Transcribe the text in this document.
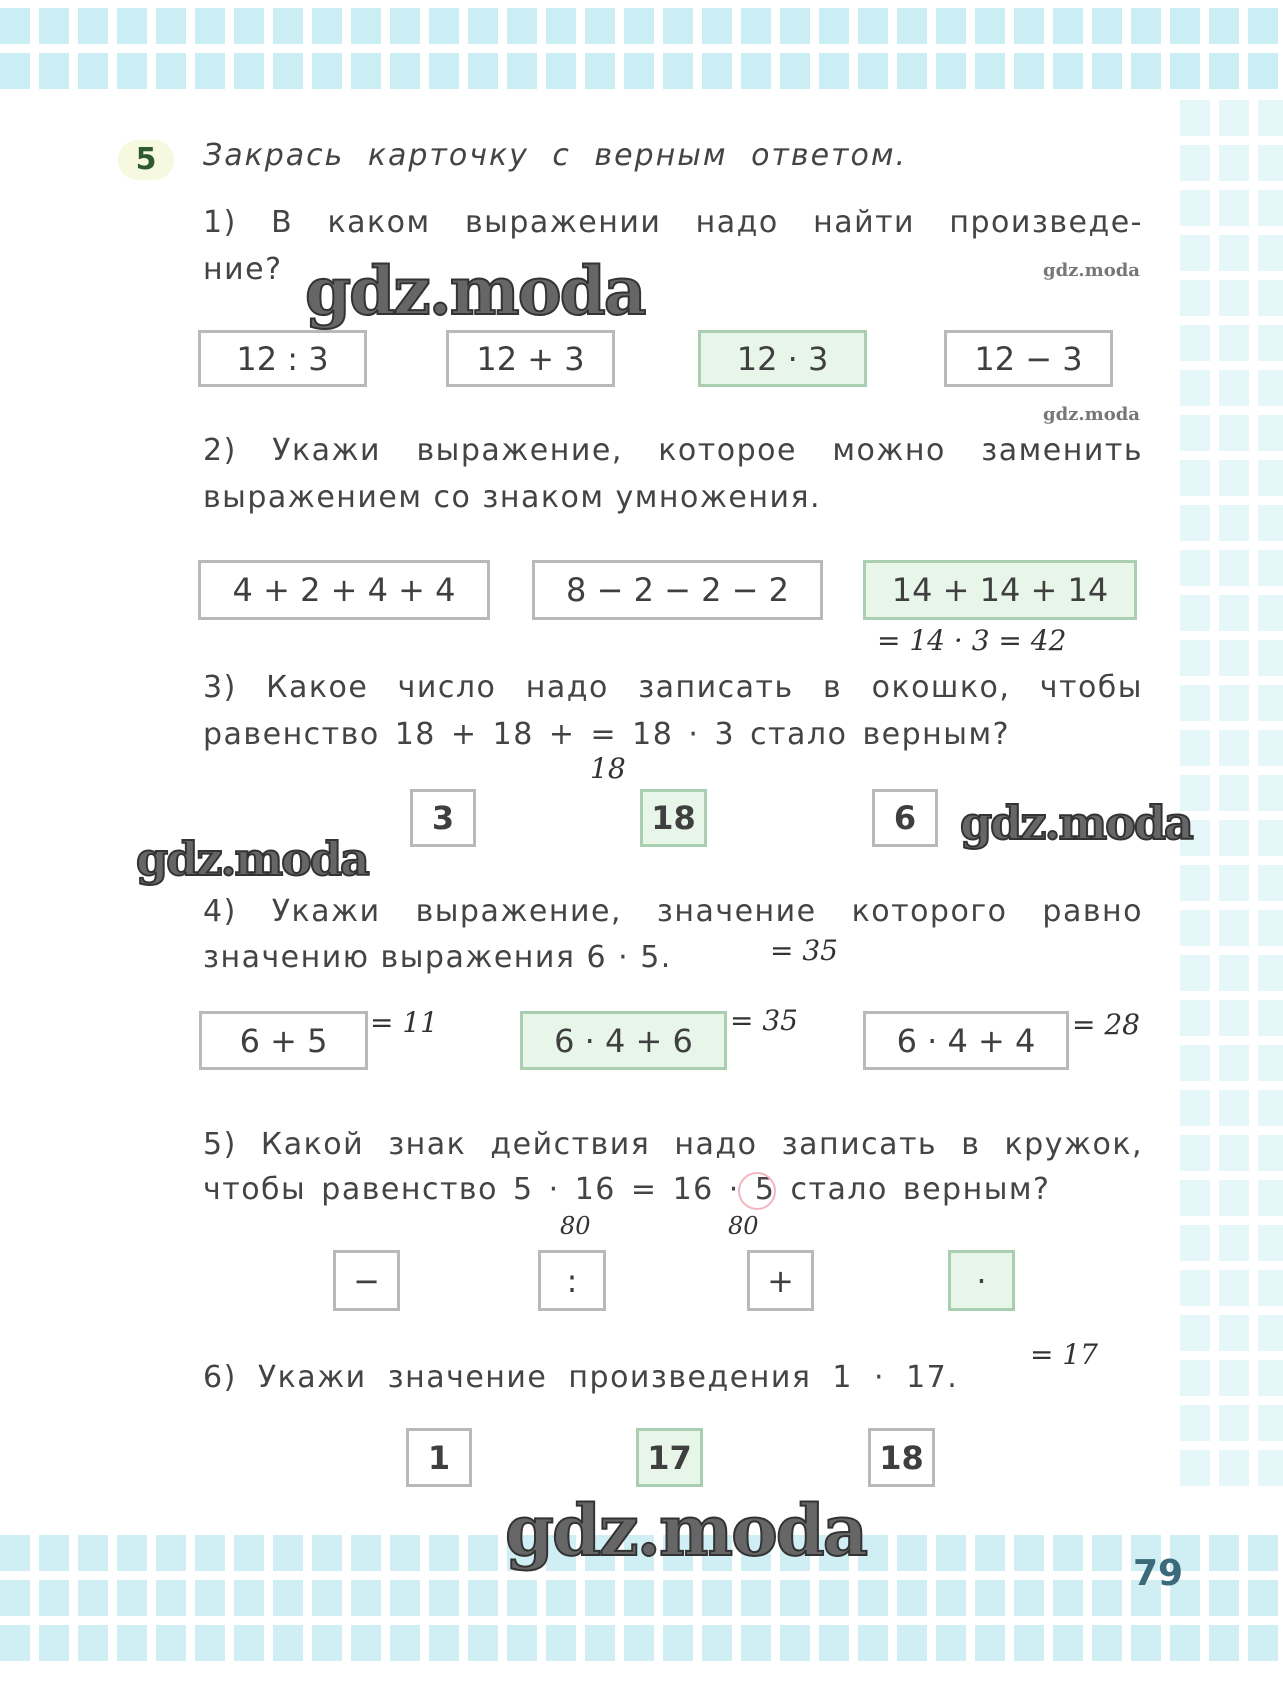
5	Закрась карточку с верным ответом.
1) В каком выражении надо найти произведе-
ние?
12 : 3	12 + 3	12 · 3	12 − 3
2) Укажи выражение, которое можно заменить
выражением со знаком умножения.
4 + 2 + 4 + 4	8 − 2 − 2 − 2	14 + 14 + 14
= 14 · 3 = 42
3) Какое число надо записать в окошко, чтобы
равенство 18 + 18 + = 18 · 3 стало верным?
18
3	18	6
4) Укажи выражение, значение которого равно
значению выражения 6 · 5.	= 35
6 + 5	= 11	6 · 4 + 6
= 35
6 · 4 + 4	= 28
5) Какой знак действия надо записать в кружок,
чтобы равенство 5 · 16 = 16 · 5 стало верным?
80	80
−	:	+	·
6) Укажи значение произведения 1 · 17.
= 17
1	17	18
gdz.moda	gdz.moda
gdz.moda
gdz.moda
gdz.moda
gdz.moda
79
